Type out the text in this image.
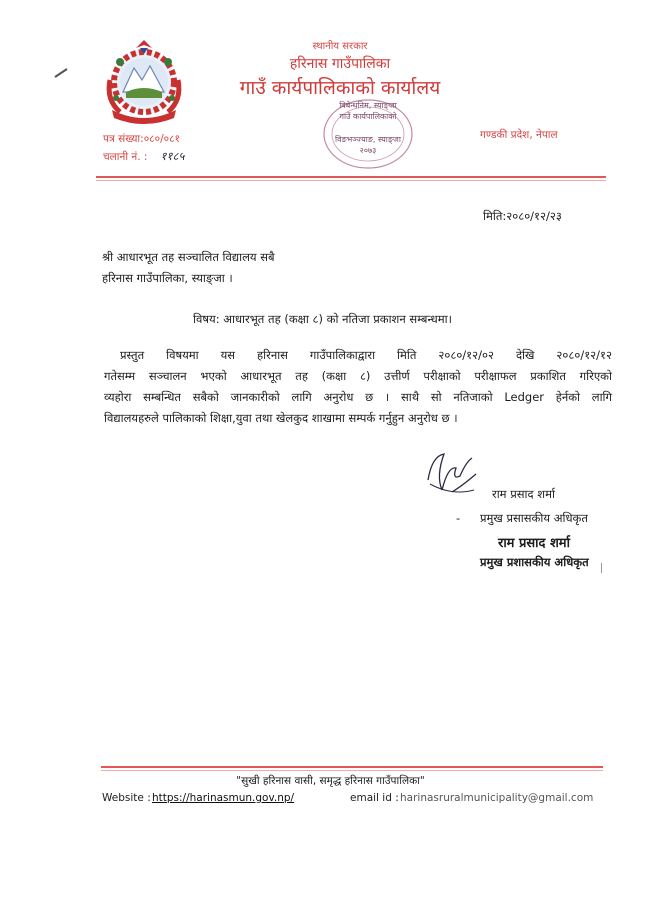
स्थानीय सरकार
हरिनास गाउँपालिका
गाउँ कार्यपालिकाको कार्यालय
विबेन्धनिम, स्याङ्जा
गाउँ कार्यपालिकाको
विङभञ्ज्याङ, स्याङ्जा
२०७३
पत्र संख्या:०८०/०८१
चलानी नं. : ११८५
गण्डकी प्रदेश, नेपाल
मिति:२०८०/१२/२३
श्री आधारभूत तह सञ्चालित विद्यालय सबै
हरिनास गाउँपालिका, स्याङ्जा ।
विषय: आधारभूत तह (कक्षा ८) को नतिजा प्रकाशन सम्बन्धमा।

प्रस्तुत विषयमा यस हरिनास गाउँपालिकाद्वारा मिति २०८०/१२/०२ देखि २०८०/१२/१२

गतेसम्म सञ्चालन भएको आधारभूत तह (कक्षा ८) उत्तीर्ण परीक्षाको परीक्षाफल प्रकाशित गरिएको

व्यहोरा सम्बन्धित सबैको जानकारीको लागि अनुरोध छ । साथै सो नतिजाको Ledger हेर्नको लागि

विद्यालयहरुले पालिकाको शिक्षा,युवा तथा खेलकुद शाखामा सम्पर्क गर्नुहुन अनुरोध छ ।

राम प्रसाद शर्मा
- प्रमुख प्रसासकीय अधिकृत
राम प्रसाद शर्मा
प्रमुख प्रशासकीय अधिकृत
"सुखी हरिनास वासी, समृद्ध हरिनास गाउँपालिका"
Website : https://harinasmun.gov.np/	email id : harinasruralmunicipality@gmail.com
